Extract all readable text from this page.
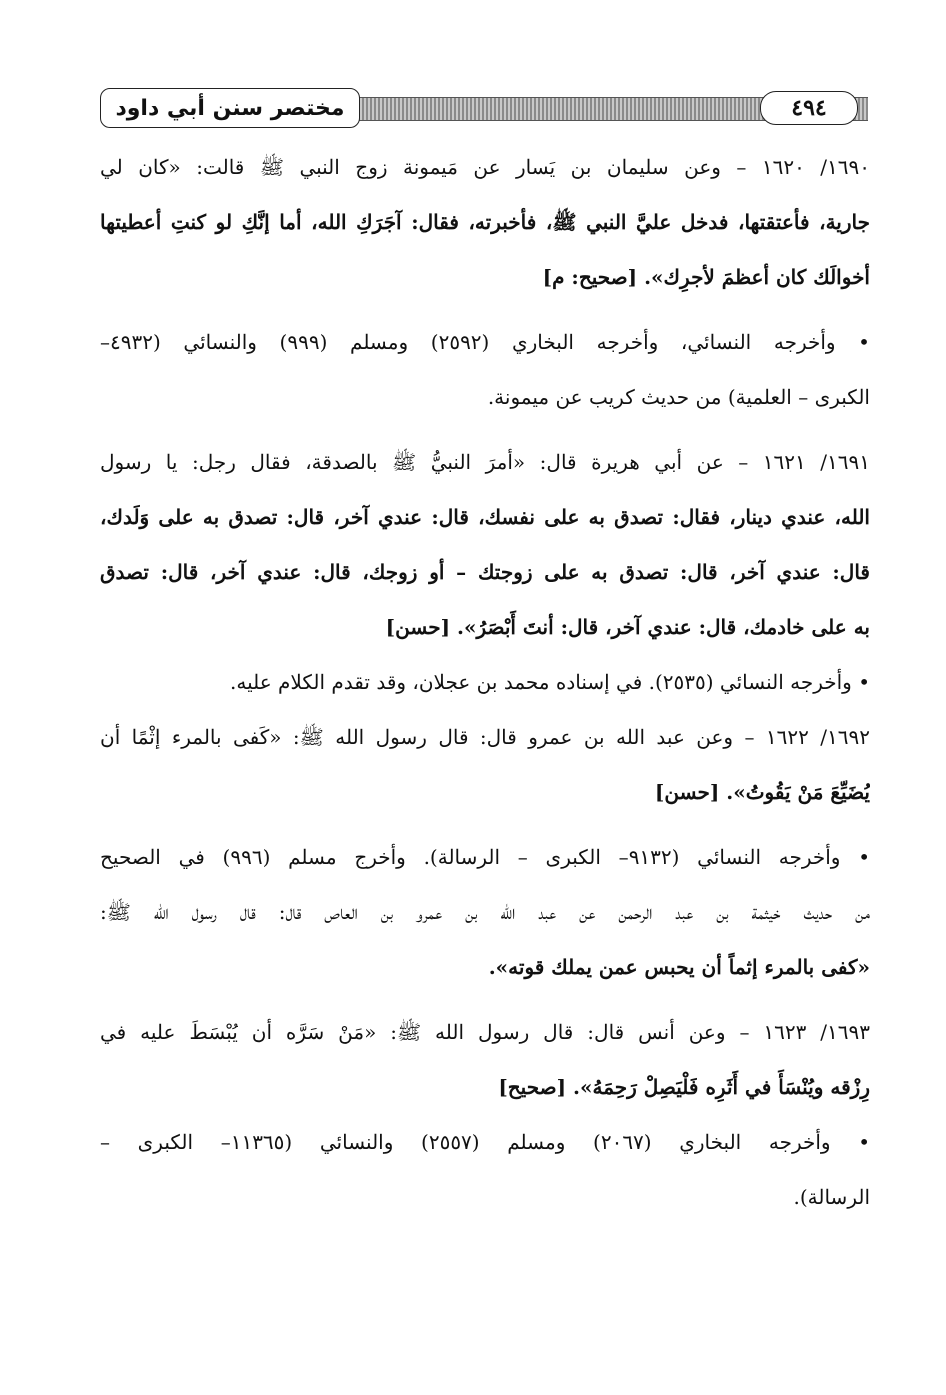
مختصر سنن أبي داود	٤٩٤
١٦٩٠/ ١٦٢٠ – وعن سليمان بن يَسار عن مَيمونة زوج النبي ﷺ قالت: «كان لي
جارية، فأعتقتها، فدخل عليَّ النبي ﷺ، فأخبرته، فقال: آجَرَكِ الله، أما إنَّكِ لو كنتِ أعطيتها
أخوالَك كان أعظمَ لأجرِك». [صحيح: م]
• وأخرجه النسائي، وأخرجه البخاري (٢٥٩٢) ومسلم (٩٩٩) والنسائي (٤٩٣٢–
الكبرى – العلمية) من حديث كريب عن ميمونة.
١٦٩١/ ١٦٢١ – عن أبي هريرة قال: «أمرَ النبيُّ ﷺ بالصدقة، فقال رجل: يا رسول
الله، عندي دينار، فقال: تصدق به على نفسك، قال: عندي آخر، قال: تصدق به على وَلَدك،
قال: عندي آخر، قال: تصدق به على زوجتك – أو زوجك، قال: عندي آخر، قال: تصدق
به على خادمك، قال: عندي آخر، قال: أنتَ أَبْصَرُ». [حسن]
• وأخرجه النسائي (٢٥٣٥). في إسناده محمد بن عجلان، وقد تقدم الكلام عليه.
١٦٩٢/ ١٦٢٢ – وعن عبد الله بن عمرو قال: قال رسول الله ﷺ: «كَفى بالمرء إثْمًا أن
يُضَيِّعَ مَنْ يَقُوتُ». [حسن]
• وأخرجه النسائي (٩١٣٢– الكبرى – الرسالة). وأخرج مسلم (٩٩٦) في الصحيح
من حديث خيثمة بن عبد الرحمن عن عبد الله بن عمرو بن العاص قال: قال رسول الله ﷺ:
«كفى بالمرء إثماً أن يحبس عمن يملك قوته».
١٦٩٣/ ١٦٢٣ – وعن أنس قال: قال رسول الله ﷺ: «مَنْ سَرَّه أن يُبْسَطَ عليه في
رِزْقه ويُنْسَأَ في أَثَرِه فَلْيَصِلْ رَحِمَهُ». [صحيح]
• وأخرجه البخاري (٢٠٦٧) ومسلم (٢٥٥٧) والنسائي (١١٣٦٥– الكبرى –
الرسالة).
